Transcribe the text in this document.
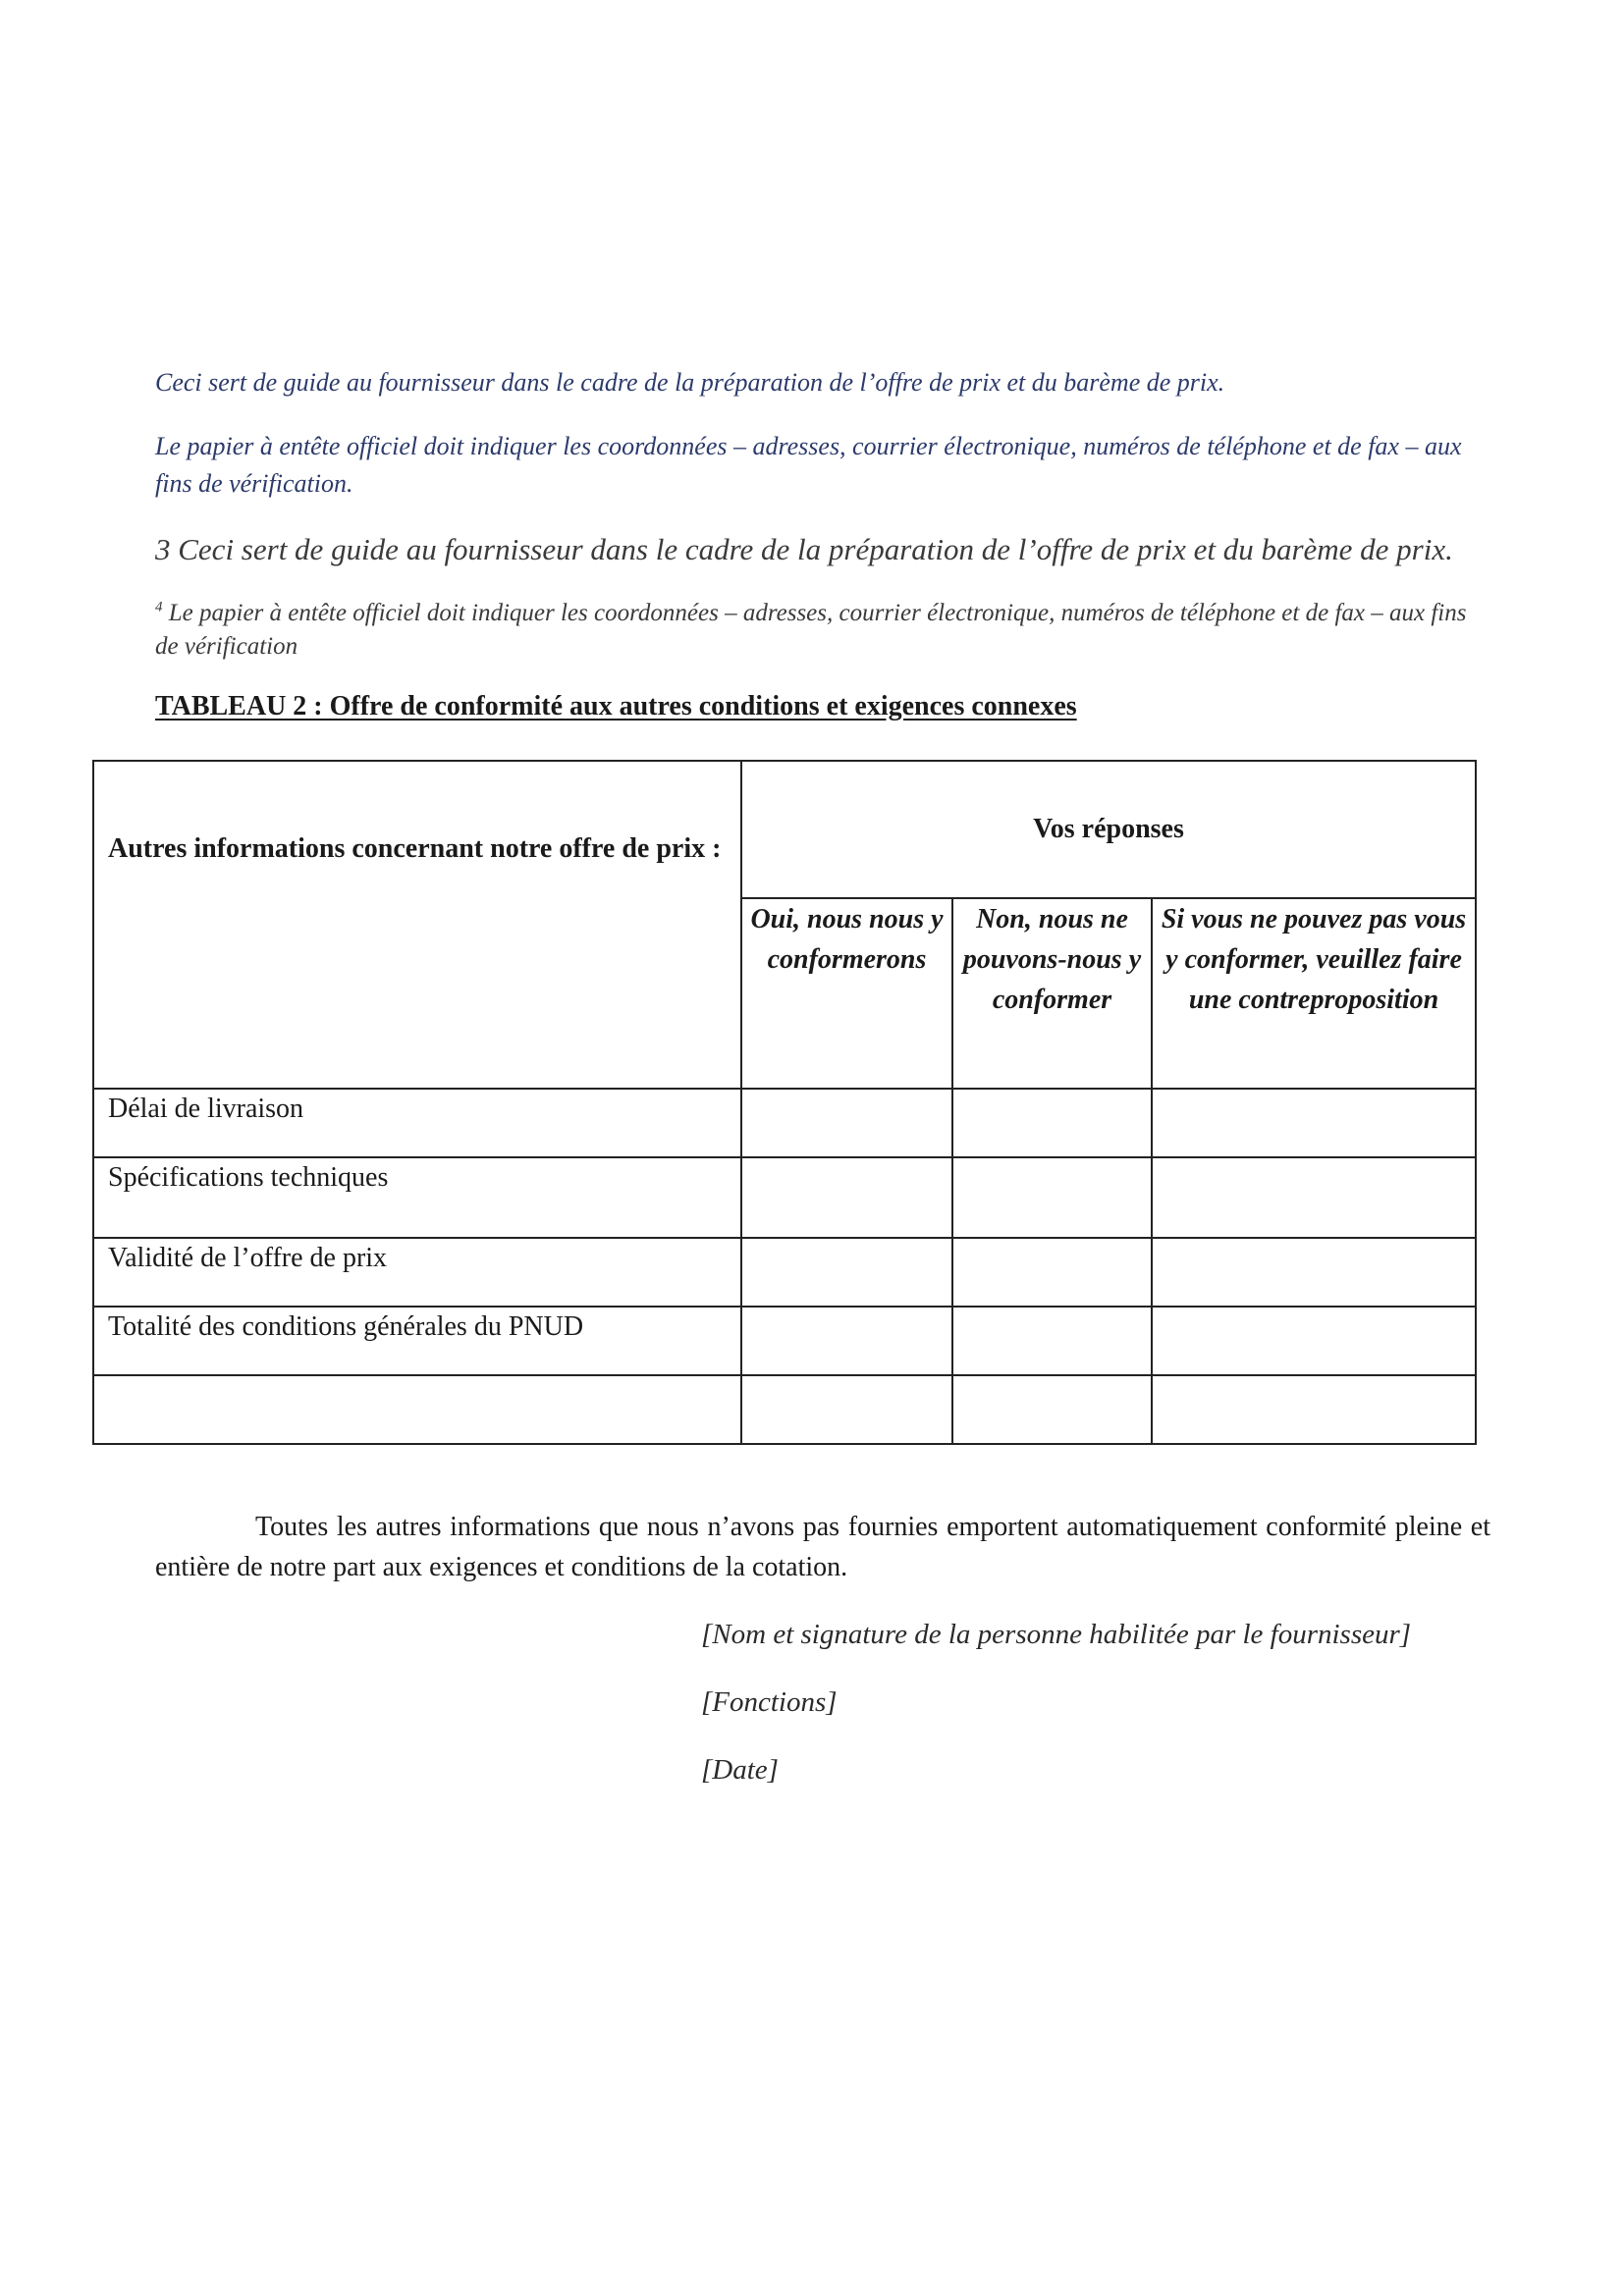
Ceci sert de guide au fournisseur dans le cadre de la préparation de l’offre de prix et du barème de prix.
Le papier à entête officiel doit indiquer les coordonnées – adresses, courrier électronique, numéros de téléphone et de fax – aux fins de vérification.
3 Ceci sert de guide au fournisseur dans le cadre de la préparation de l’offre de prix et du barème de prix.
$^4$ Le papier à entête officiel doit indiquer les coordonnées – adresses, courrier électronique, numéros de téléphone et de fax – aux fins de vérification
TABLEAU 2 : Offre de conformité aux autres conditions et exigences connexes
Autres informations concernant notre offre de prix :	Vos réponses		
	Oui, nous nous y conformerons	Non, nous ne pouvons-nous y conformer	Si vous ne pouvez pas vous y conformer, veuillez faire une contreproposition
Délai de livraison			
Spécifications techniques			
Validité de l’offre de prix			
Totalité des conditions générales du PNUD			

Toutes les autres informations que nous n’avons pas fournies emportent automatiquement conformité pleine et entière de notre part aux exigences et conditions de la cotation.
[Nom et signature de la personne habilitée par le fournisseur]
[Fonctions]
[Date]
